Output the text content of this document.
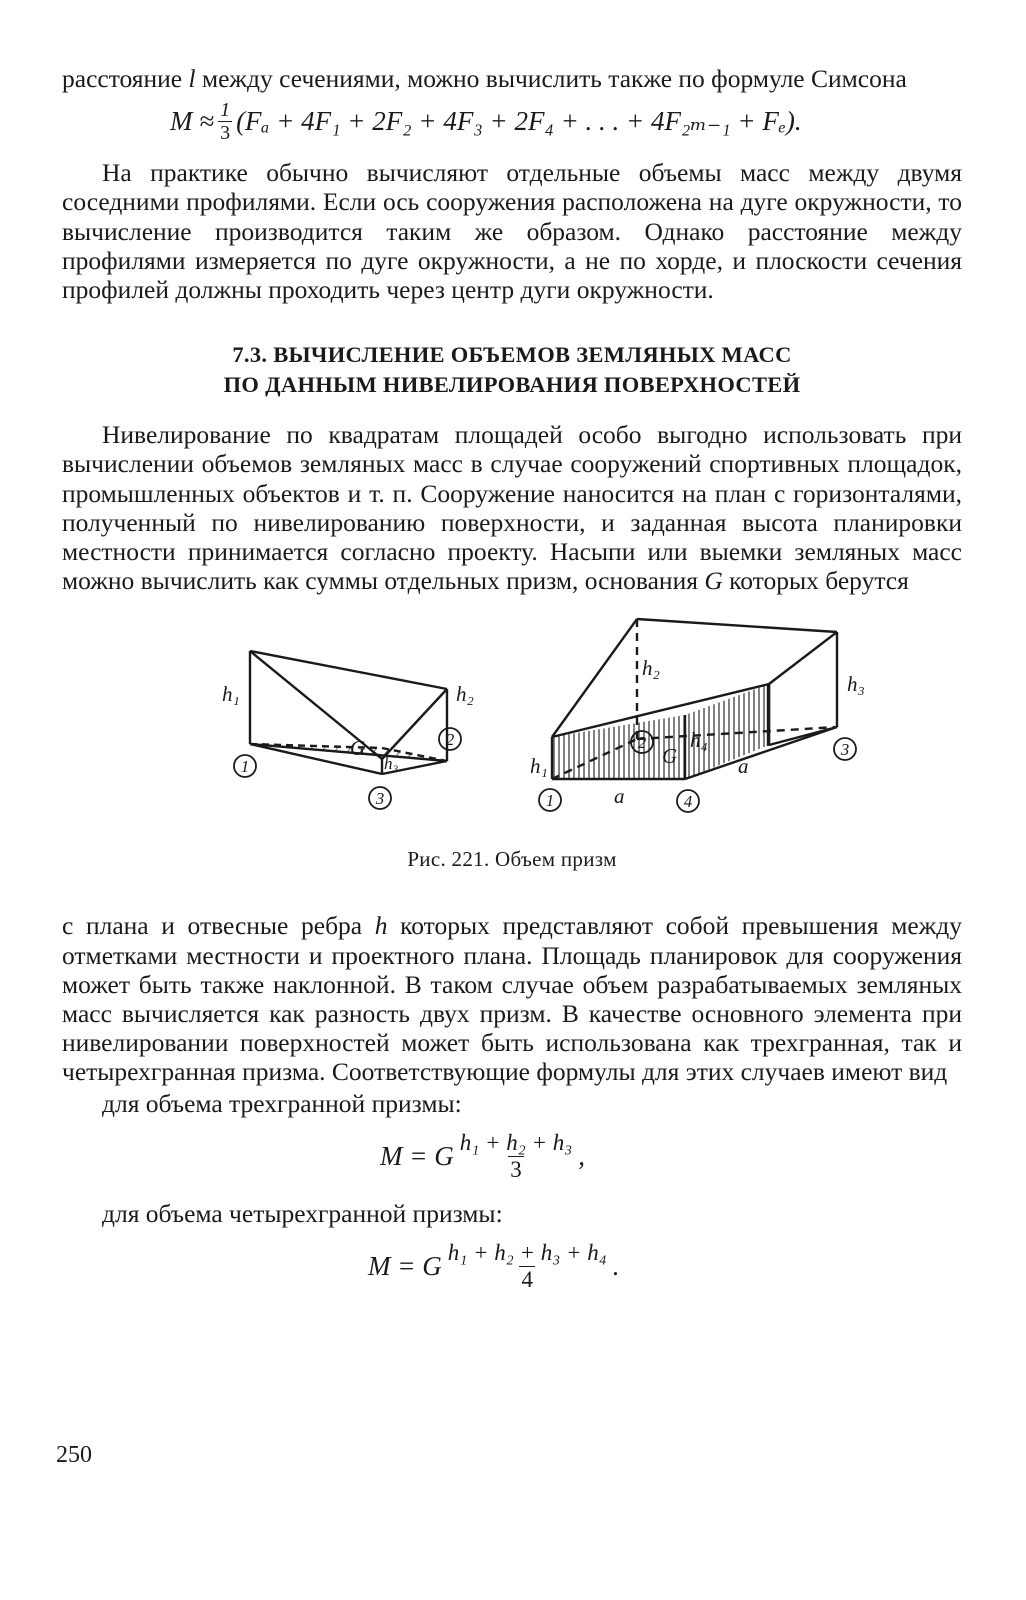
расстояние l между сечениями, можно вычислить также по формуле Симсона

$M \approx \frac{1}{3} (F_a + 4F_1 + 2F_2 + 4F_3 + 2F_4$ + . . . + 4F₂ₘ₋₁ + Fₑ).

На практике обычно вычисляют отдельные объемы масс между двумя соседними профилями. Если ось сооружения расположена на дуге окружности, то вычисление производится таким же образом. Однако расстояние между профилями измеряется по дуге окружности, а не по хорде, и плоскости сечения профилей должны проходить через центр дуги окружности.

7.3. ВЫЧИСЛЕНИЕ ОБЪЕМОВ ЗЕМЛЯНЫХ МАСС
ПО ДАННЫМ НИВЕЛИРОВАНИЯ ПОВЕРХНОСТЕЙ

Нивелирование по квадратам площадей особо выгодно использовать при вычислении объемов земляных масс в случае сооружений спортивных площадок, промышленных объектов и т. п. Сооружение наносится на план с горизонталями, полученный по нивелированию поверхности, и заданная высота планировки местности принимается согласно проекту. Насыпи или выемки земляных масс можно вычислить как суммы отдельных призм, основания G которых берутся

h₁	h₂
h₃
G
1
2
3
h₂
h₃
h₁
h₄
G
a
a
1
2	3
4
Рис. 221. Объем призм

с плана и отвесные ребра h которых представляют собой превышения между отметками местности и проектного плана. Площадь планировок для сооружения может быть также наклонной. В таком случае объем разрабатываемых земляных масс вычисляется как разность двух призм. В качестве основного элемента при нивелировании поверхностей может быть использована как трехгранная, так и четырехгранная призма. Соответствующие формулы для этих случаев имеют вид

для объема трехгранной призмы:

M = G $\frac{\text{h₁ + h₂ + h₃}}{3}$ ,

для объема четырехгранной призмы:

M = G $\frac{\text{h₁ + h₂ + h₃ + h₄}}{4}$ .
250
